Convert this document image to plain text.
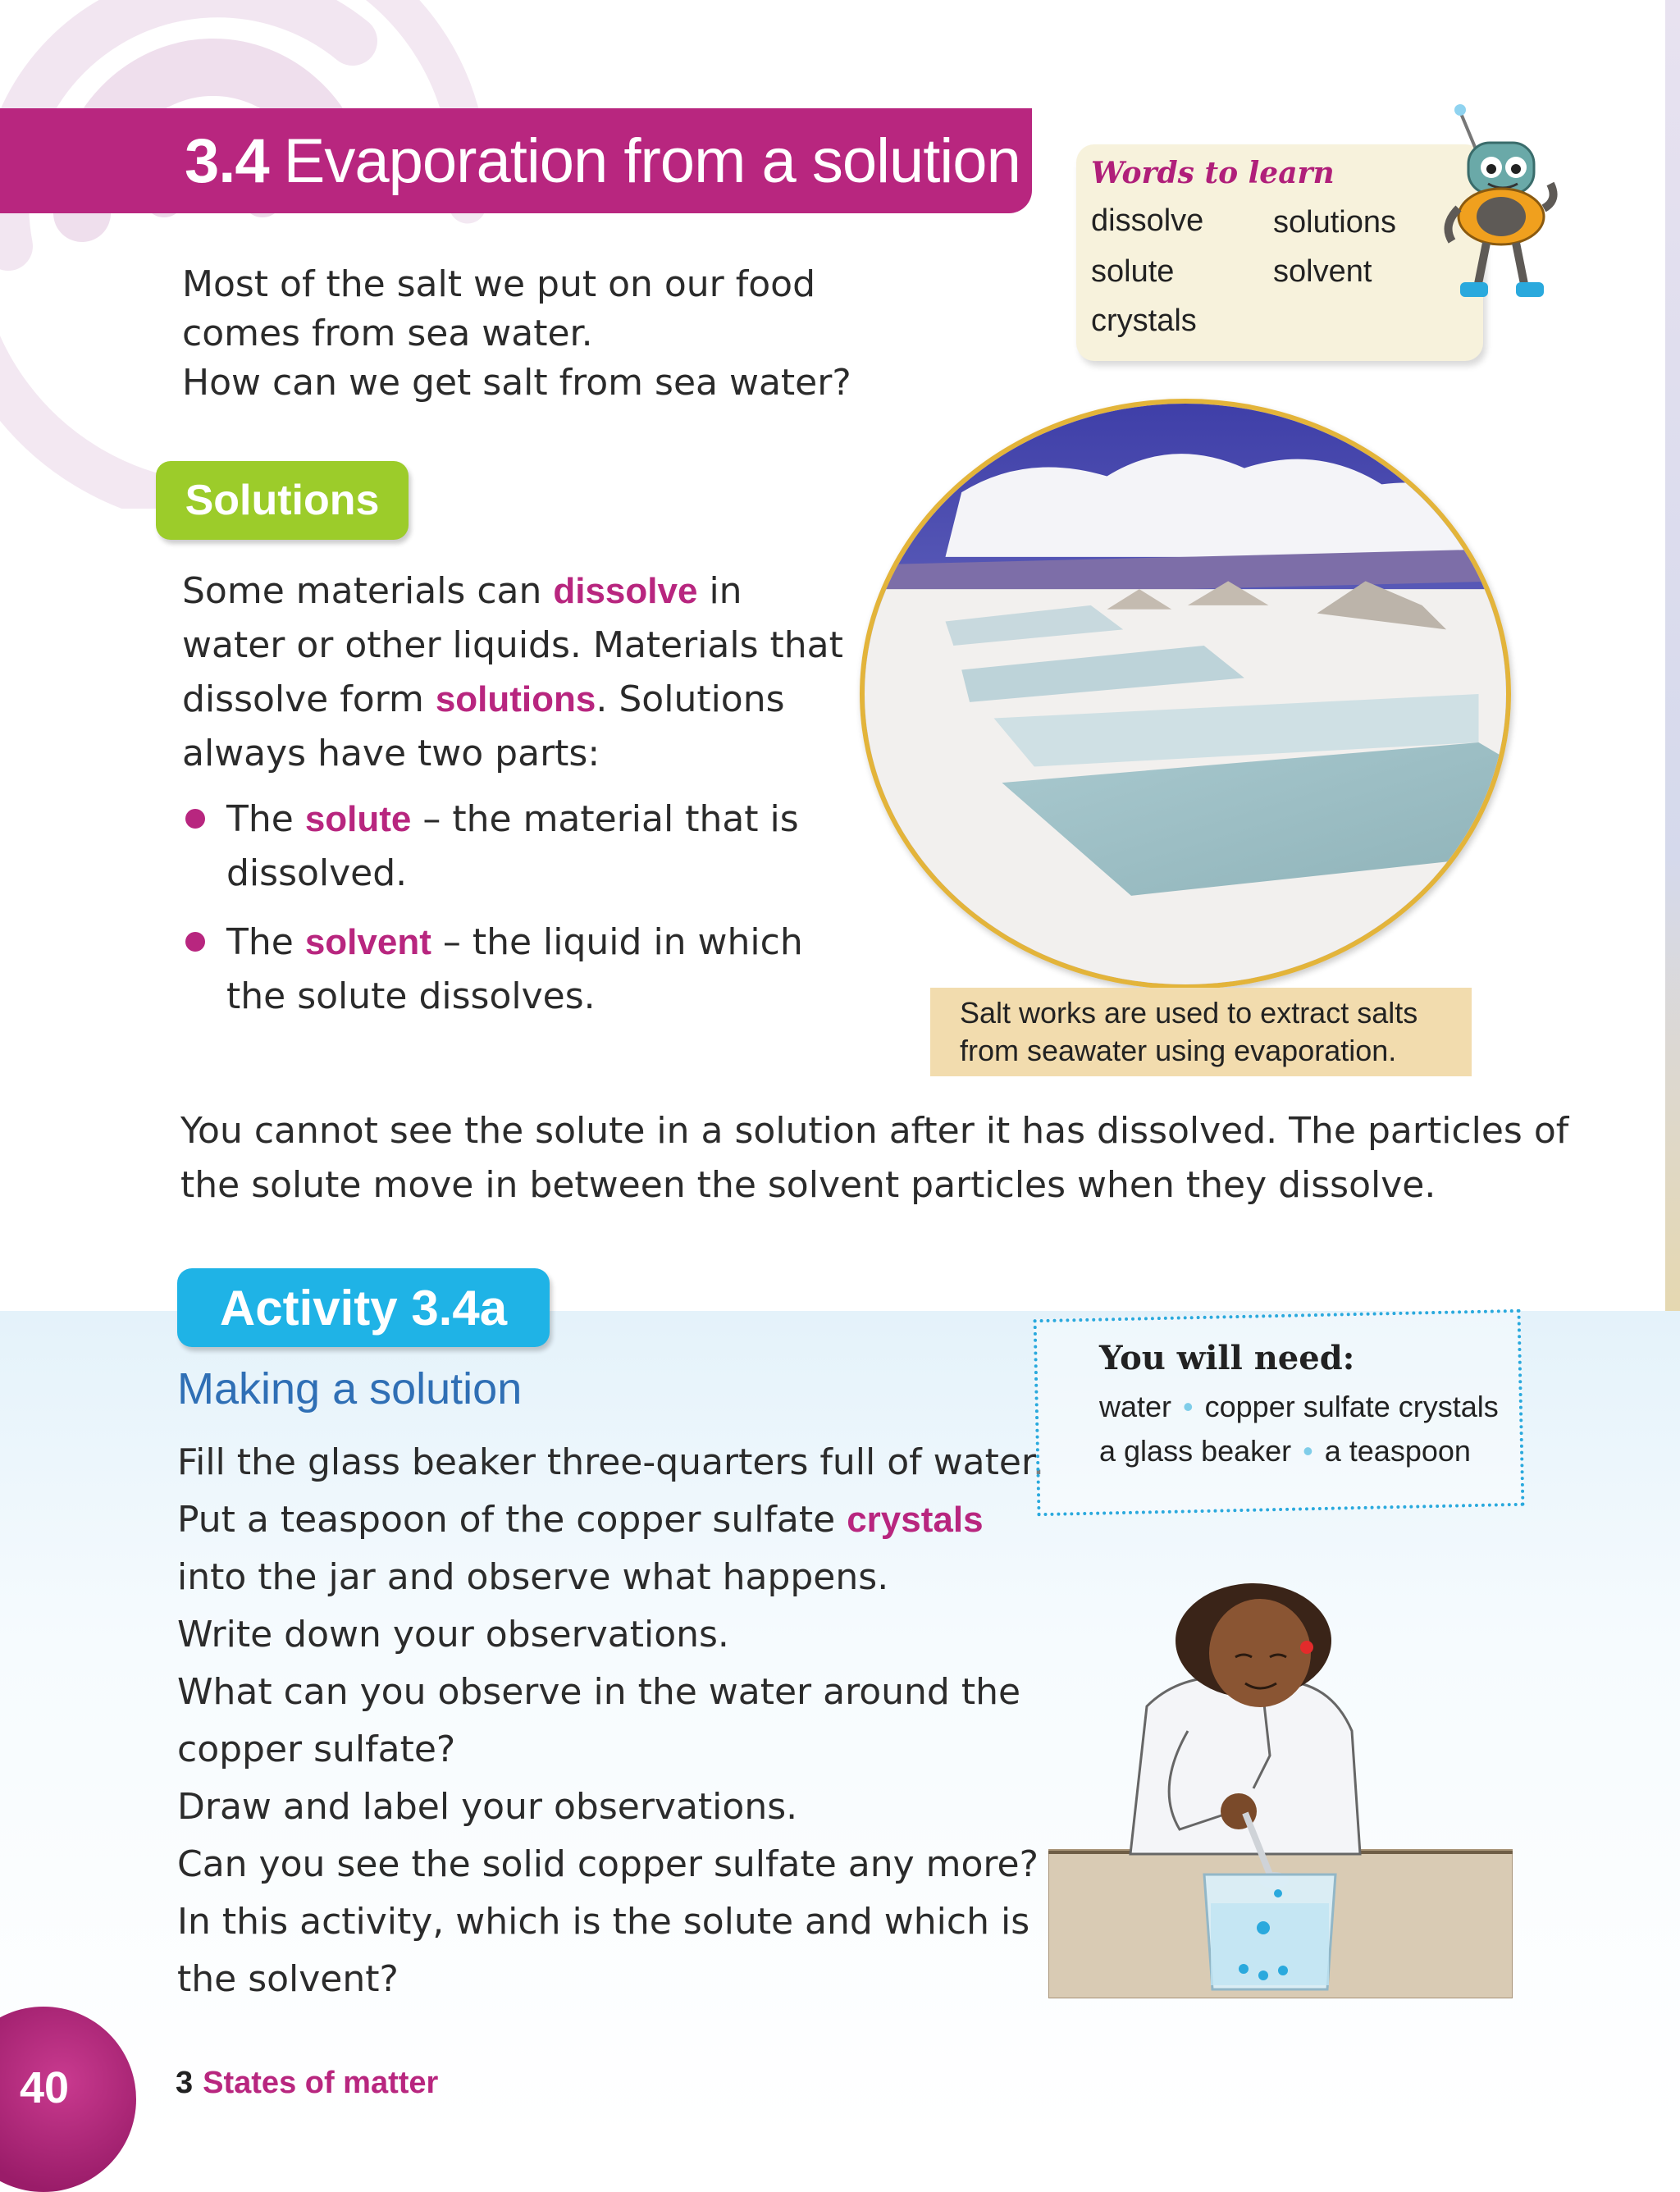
3.4 Evaporation from a solution Words to learn
dissolve solutions
solute	solvent
crystals
Most of the salt we put on our food
comes from sea water.
How can we get salt from sea water?
Solutions
Some materials can dissolve in
water or other liquids. Materials that
dissolve form solutions. Solutions
always have two parts:
The solute – the material that is
dissolved.
The solvent – the liquid in which
the solute dissolves.	Salt works are used to extract salts
from seawater using evaporation.
You cannot see the solute in a solution after it has dissolved. The particles of
the solute move in between the solvent particles when they dissolve.
Activity 3.4a
Making a solution
Fill the glass beaker three-quarters full of water.
Put a teaspoon of the copper sulfate crystals
into the jar and observe what happens.
Write down your observations.
What can you observe in the water around the
copper sulfate?
Draw and label your observations.
Can you see the solid copper sulfate any more?
In this activity, which is the solute and which is
the solvent?
You will need:
water • copper sulfate crystals
a glass beaker • a teaspoon
40	3 States of matter
